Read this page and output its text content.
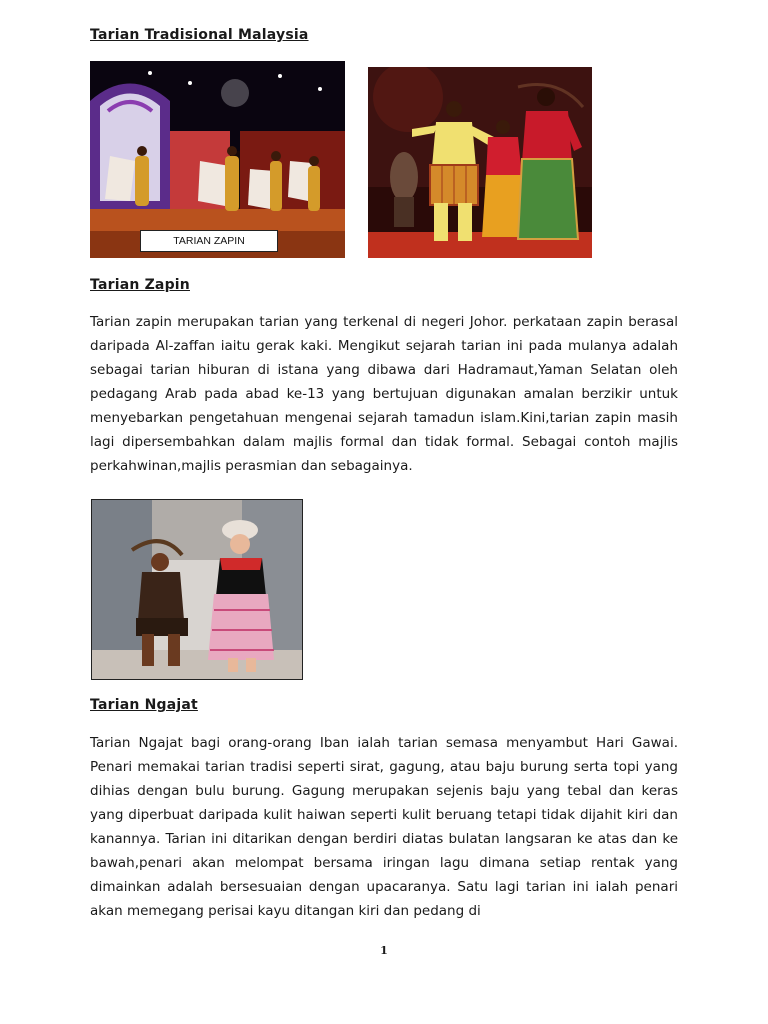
Tarian Tradisional Malaysia
TARIAN ZAPIN
Tarian Zapin

Tarian zapin merupakan tarian yang terkenal di negeri Johor. perkataan zapin berasal daripada Al-zaffan iaitu gerak kaki. Mengikut sejarah tarian ini pada mulanya adalah sebagai tarian hiburan di istana yang dibawa dari Hadramaut,Yaman Selatan oleh pedagang Arab pada abad ke-13 yang bertujuan digunakan amalan berzikir untuk menyebarkan pengetahuan mengenai sejarah tamadun islam.Kini,tarian zapin masih lagi dipersembahkan dalam majlis formal dan tidak formal. Sebagai contoh majlis perkahwinan,majlis perasmian dan sebagainya.

Tarian Ngajat

Tarian Ngajat bagi orang-orang Iban ialah tarian semasa menyambut Hari Gawai. Penari memakai tarian tradisi seperti sirat, gagung, atau baju burung serta topi yang dihias dengan bulu burung. Gagung merupakan sejenis baju yang tebal dan keras yang diperbuat daripada kulit haiwan seperti kulit beruang tetapi tidak dijahit kiri dan kanannya. Tarian ini ditarikan dengan berdiri diatas bulatan langsaran ke atas dan ke bawah,penari akan melompat bersama iringan lagu dimana setiap rentak yang dimainkan adalah bersesuaian dengan upacaranya. Satu lagi tarian ini ialah penari akan memegang perisai kayu ditangan kiri dan pedang di

1
